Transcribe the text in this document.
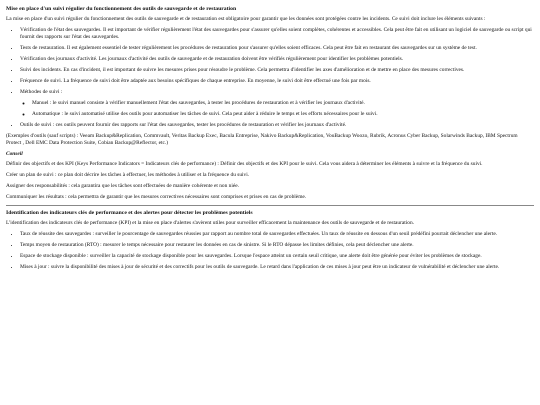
Mise en place d'un suivi régulier du fonctionnement des outils de sauvegarde et de restauration

La mise en place d'un suivi régulier du fonctionnement des outils de sauvegarde et de restauration est obligatoire pour garantir que les données sont protégées contre les incidents. Ce suivi doit inclure les éléments suivants :

• Vérification de l'état des sauvegardes. Il est important de vérifier régulièrement l'état des sauvegardes pour s'assurer qu'elles soient complètes, cohérentes et accessibles. Cela peut être fait en utilisant un logiciel de sauvegarde ou script qui fournit des rapports sur l'état des sauvegardes.
• Tests de restauration. Il est également essentiel de tester régulièrement les procédures de restauration pour s'assurer qu'elles soient efficaces. Cela peut être fait en restaurant des sauvegardes sur un système de test.
• Vérification des journaux d'activité. Les journaux d'activité des outils de sauvegarde et de restauration doivent être vérifiés régulièrement pour identifier les problèmes potentiels.
• Suivi des incidents. En cas d'incident, il est important de suivre les mesures prises pour résoudre le problème. Cela permettra d'identifier les axes d'amélioration et de mettre en place des mesures correctives.
• Fréquence de suivi. La fréquence de suivi doit être adaptée aux besoins spécifiques de chaque entreprise. En moyenne, le suivi doit être effectué une fois par mois.
• Méthodes de suivi :
◦ Manuel : le suivi manuel consiste à vérifier manuellement l'état des sauvegardes, à tester les procédures de restauration et à vérifier les journaux d'activité.
◦ Automatique : le suivi automatisé utilise des outils pour automatiser les tâches de suivi. Cela peut aider à réduire le temps et les efforts nécessaires pour le suivi.
• Outils de suivi : ces outils peuvent fournir des rapports sur l'état des sauvegardes, tester les procédures de restauration et vérifier les journaux d'activité.

(Exemples d'outils (sauf scripts) : Veeam Backup&Replication, Commvault, Veritas Backup Exec, Bacula Entreprise, Nakivo Backup&Replication, VouBackup Woozo, Rubrik, Acronus Cyber Backup, Solarwinds Backup, IBM Spectrum Protect , Dell EMC Data Protection Suite, Cobian Backup@Reflector, etc.)

Conseil

Définir des objectifs et des KPI (Keys Performance Indicators = Indicateurs clés de performance) : Définir des objectifs et des KPI pour le suivi. Cela vous aidera à déterminer les éléments à suivre et la fréquence du suivi.

Créer un plan de suivi : ce plan doit décrire les tâches à effectuer, les méthodes à utiliser et la fréquence du suivi.

Assigner des responsabilités : cela garantira que les tâches sont effectuées de manière cohérente et non niée.

Communiquer les résultats : cela permettra de garantir que les mesures correctives nécessaires sont comprises et prises en cas de problème.

Identification des indicateurs clés de performance et des alertes pour détecter les problèmes potentiels

L'identification des indicateurs clés de performance (KPI) et la mise en place d'alertes s'avèrent utiles pour surveiller efficacement la maintenance des outils de sauvegarde et de restauration.

• Taux de réussite des sauvegardes : surveiller le pourcentage de sauvegardes réussies par rapport au nombre total de sauvegardes effectuées. Un taux de réussite en dessous d'un seuil prédéfini pourrait déclencher une alerte.
• Temps moyen de restauration (RTO) : mesurer le temps nécessaire pour restaurer les données en cas de sinistre. Si le RTO dépasse les limites définies, cela peut déclencher une alerte.
• Espace de stockage disponible : surveiller la capacité de stockage disponible pour les sauvegardes. Lorsque l'espace atteint un certain seuil critique, une alerte doit être générée pour éviter les problèmes de stockage.
• Mises à jour : suivre la disponibilité des mises à jour de sécurité et des correctifs pour les outils de sauvegarde. Le retard dans l'application de ces mises à jour peut être un indicateur de vulnérabilité et déclencher une alerte.
